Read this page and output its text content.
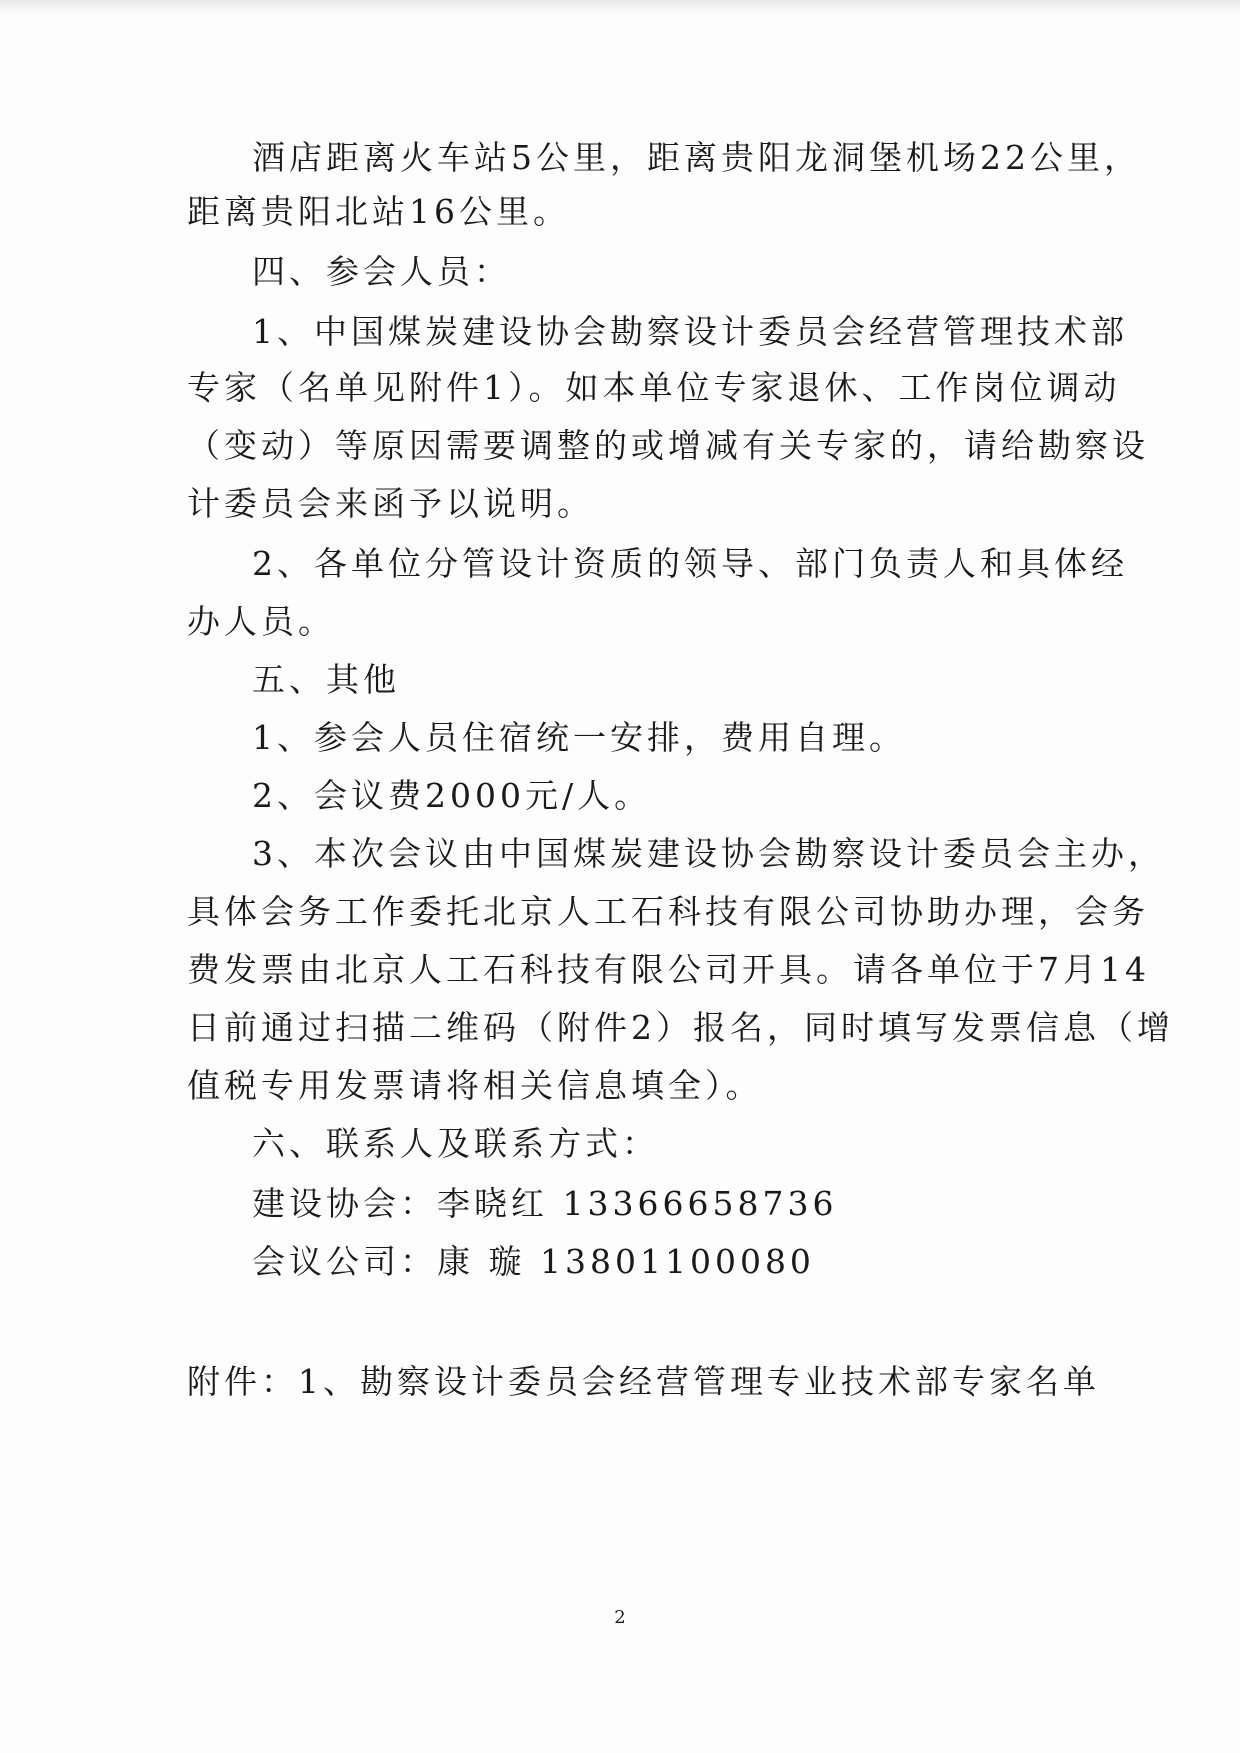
酒店距离火车站5公里，距离贵阳龙洞堡机场22公里，
距离贵阳北站16公里。
四、参会人员：
1、中国煤炭建设协会勘察设计委员会经营管理技术部
专家（名单见附件1）。如本单位专家退休、工作岗位调动
（变动）等原因需要调整的或增减有关专家的，请给勘察设
计委员会来函予以说明。
2、各单位分管设计资质的领导、部门负责人和具体经
办人员。
五、其他
1、参会人员住宿统一安排，费用自理。
2、会议费2000元/人。
3、本次会议由中国煤炭建设协会勘察设计委员会主办，
具体会务工作委托北京人工石科技有限公司协助办理，会务
费发票由北京人工石科技有限公司开具。请各单位于7月14
日前通过扫描二维码（附件2）报名，同时填写发票信息（增
值税专用发票请将相关信息填全）。
六、联系人及联系方式：
建设协会：李晓红 13366658736
会议公司：康 璇 13801100080
附件：1、勘察设计委员会经营管理专业技术部专家名单
2
